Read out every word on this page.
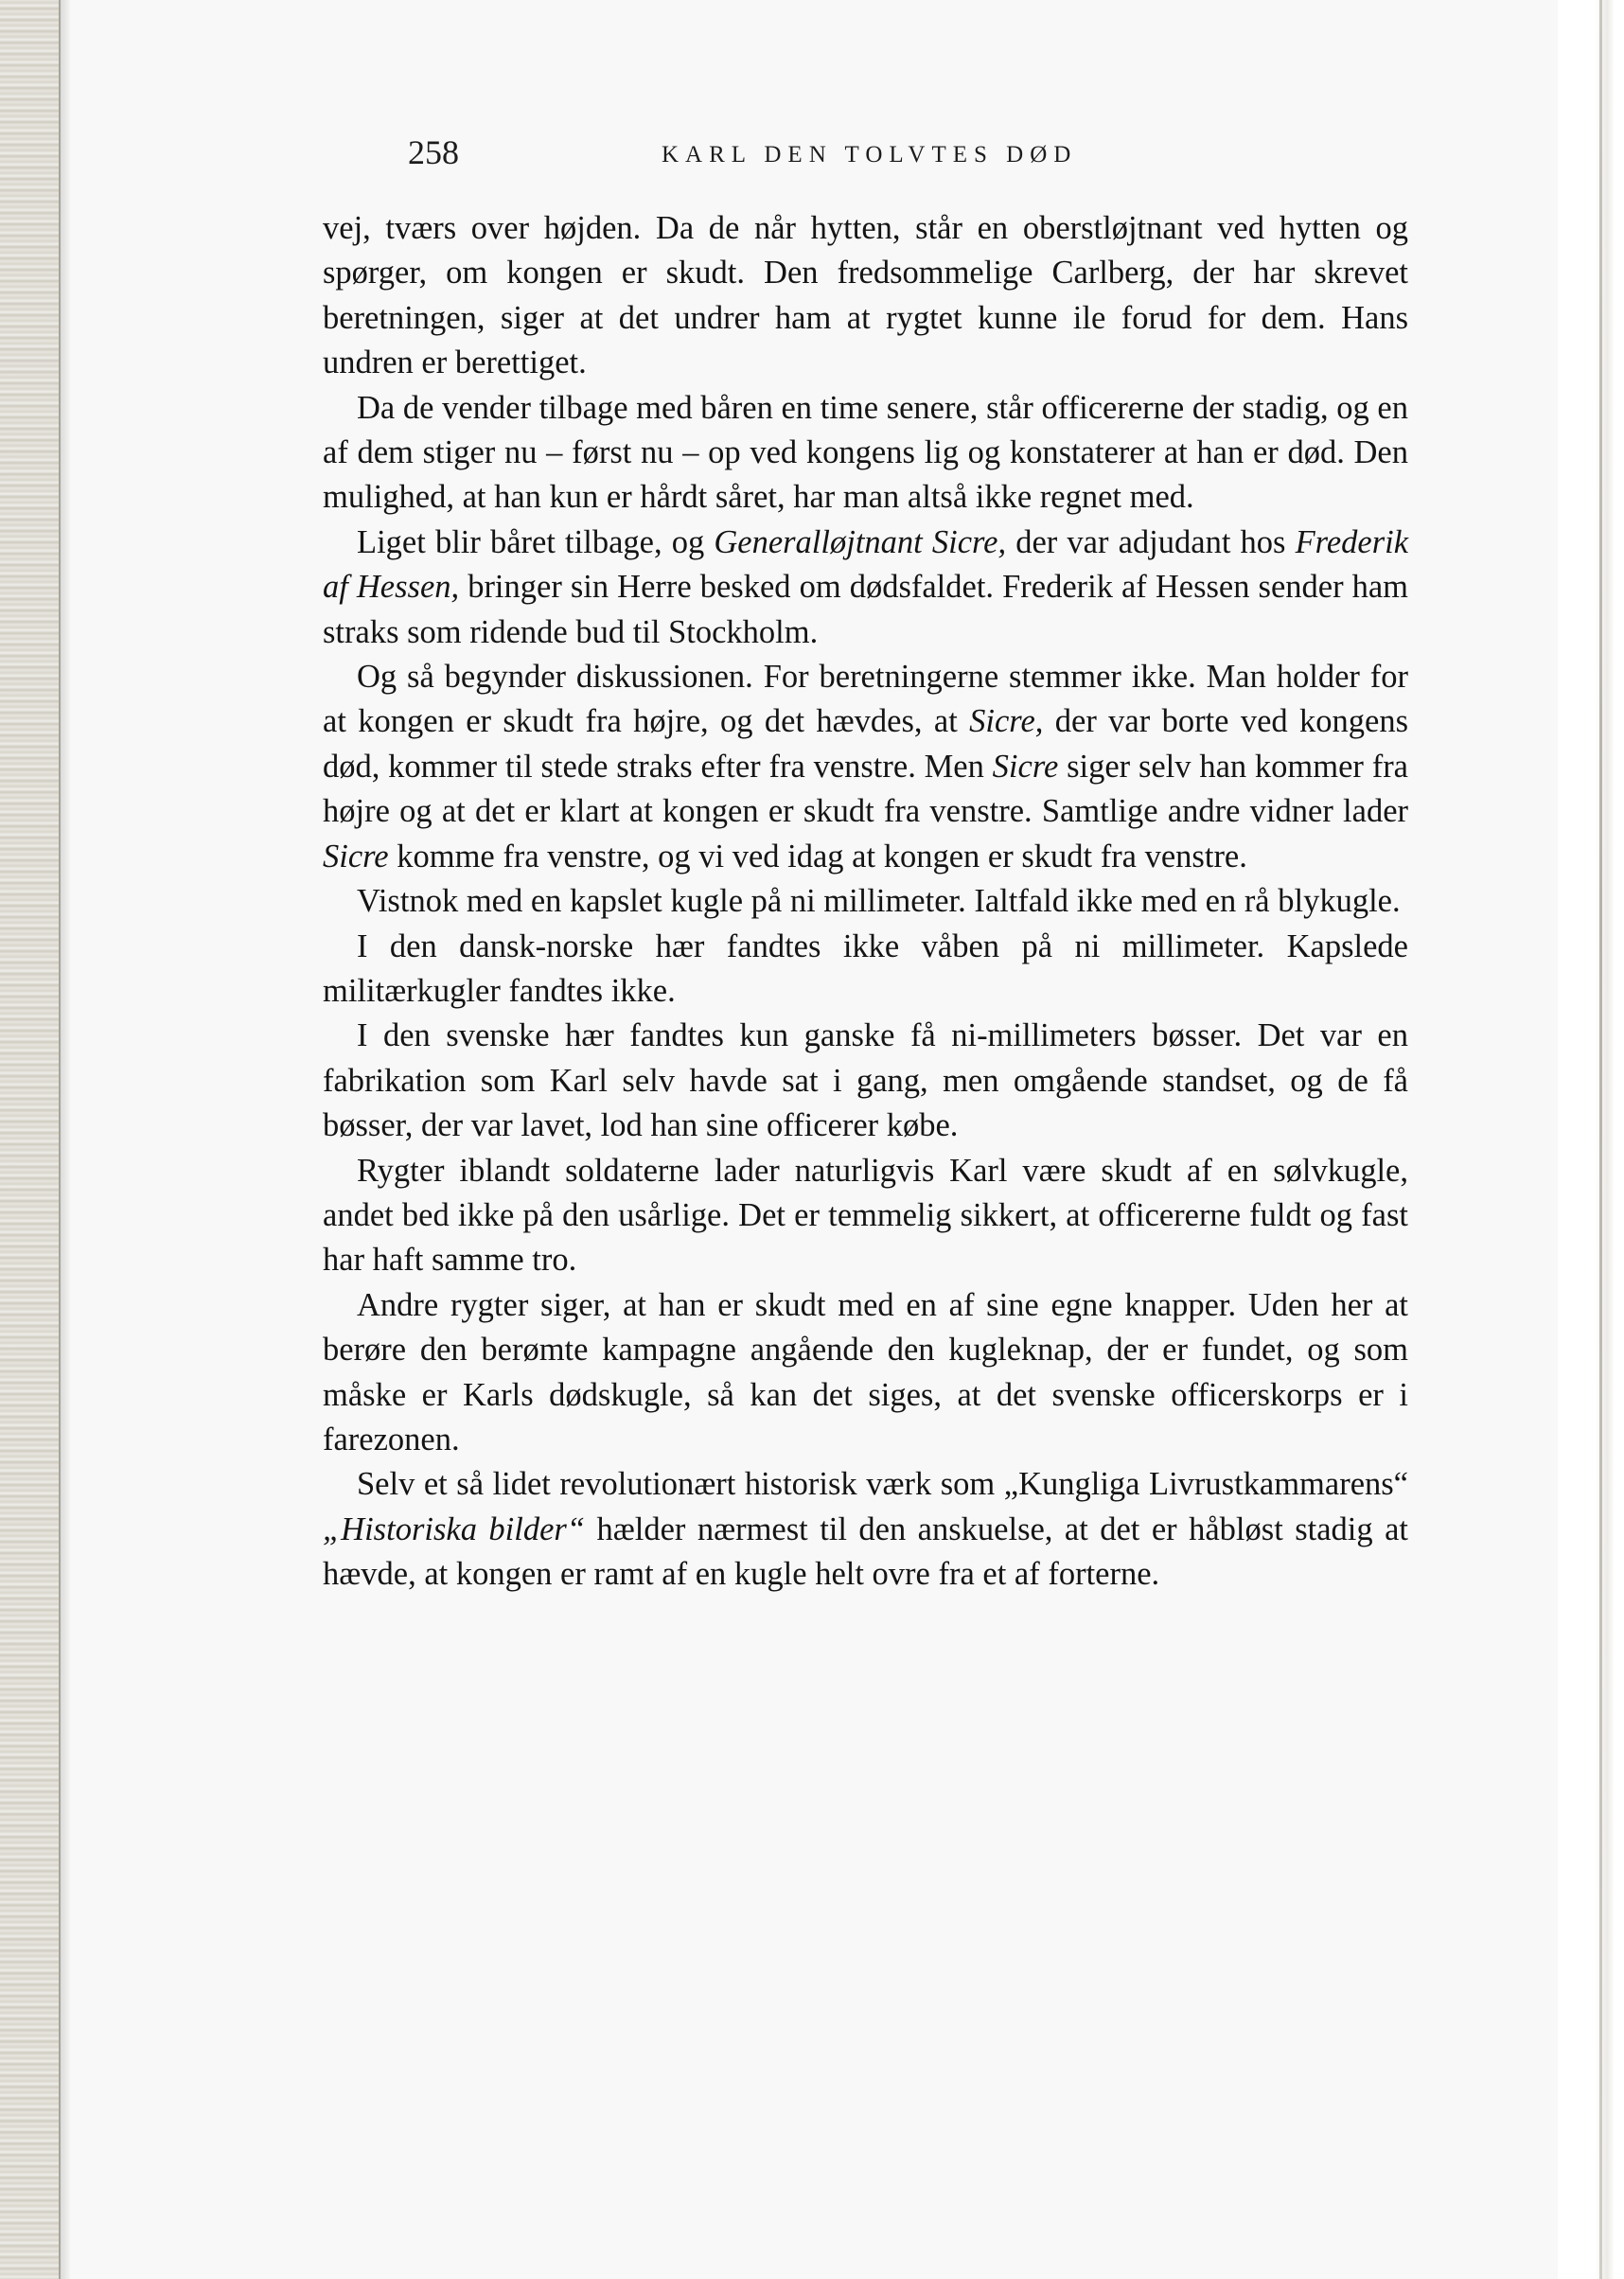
258	KARL DEN TOLVTES DØD

vej, tværs over højden. Da de når hytten, står en oberstløjtnant ved hytten og spørger, om kongen er skudt. Den fredsommelige Carlberg, der har skrevet beretningen, siger at det undrer ham at rygtet kunne ile forud for dem. Hans undren er berettiget.

Da de vender tilbage med båren en time senere, står officererne der stadig, og en af dem stiger nu – først nu – op ved kongens lig og konstaterer at han er død. Den mulighed, at han kun er hårdt såret, har man altså ikke regnet med.

Liget blir båret tilbage, og Generalløjtnant Sicre, der var adjudant hos Frederik af Hessen, bringer sin Herre besked om dødsfaldet. Frederik af Hessen sender ham straks som ridende bud til Stockholm.

Og så begynder diskussionen. For beretningerne stemmer ikke. Man holder for at kongen er skudt fra højre, og det hævdes, at Sicre, der var borte ved kongens død, kommer til stede straks efter fra venstre. Men Sicre siger selv han kommer fra højre og at det er klart at kongen er skudt fra venstre. Samtlige andre vidner lader Sicre komme fra venstre, og vi ved idag at kongen er skudt fra venstre.

Vistnok med en kapslet kugle på ni millimeter. Ialtfald ikke med en rå blykugle.

I den dansk-norske hær fandtes ikke våben på ni millimeter. Kapslede militærkugler fandtes ikke.

I den svenske hær fandtes kun ganske få ni-millimeters bøsser. Det var en fabrikation som Karl selv havde sat i gang, men omgående standset, og de få bøsser, der var lavet, lod han sine officerer købe.

Rygter iblandt soldaterne lader naturligvis Karl være skudt af en sølvkugle, andet bed ikke på den usårlige. Det er temmelig sikkert, at officererne fuldt og fast har haft samme tro.

Andre rygter siger, at han er skudt med en af sine egne knapper. Uden her at berøre den berømte kampagne angående den kugleknap, der er fundet, og som måske er Karls dødskugle, så kan det siges, at det svenske officerskorps er i farezonen.

Selv et så lidet revolutionært historisk værk som „Kungliga Livrustkammarens“ „Historiska bilder“ hælder nærmest til den anskuelse, at det er håbløst stadig at hævde, at kongen er ramt af en kugle helt ovre fra et af forterne.
